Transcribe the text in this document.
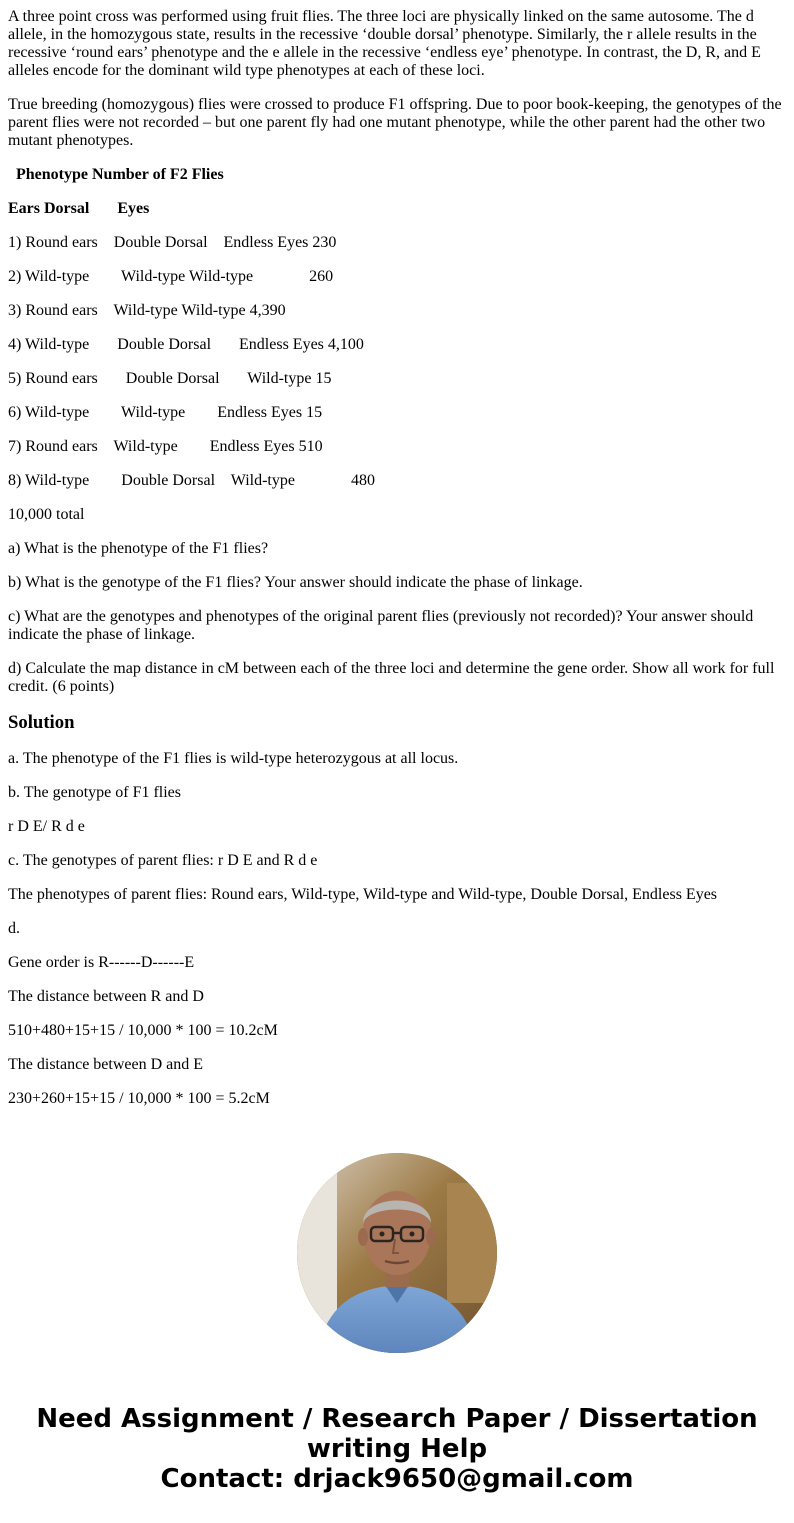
A three point cross was performed using fruit flies. The three loci are physically linked on the same autosome. The d allele, in the homozygous state, results in the recessive ‘double dorsal’ phenotype. Similarly, the r allele results in the recessive ‘round ears’ phenotype and the e allele in the recessive ‘endless eye’ phenotype. In contrast, the D, R, and E alleles encode for the dominant wild type phenotypes at each of these loci.

True breeding (homozygous) flies were crossed to produce F1 offspring. Due to poor book-keeping, the genotypes of the parent flies were not recorded – but one parent fly had one mutant phenotype, while the other parent had the other two mutant phenotypes.

Phenotype Number of F2 Flies

Ears Dorsal       Eyes

1) Round ears    Double Dorsal    Endless Eyes 230

2) Wild-type        Wild-type Wild-type              260

3) Round ears    Wild-type Wild-type 4,390

4) Wild-type       Double Dorsal       Endless Eyes 4,100

5) Round ears       Double Dorsal       Wild-type 15

6) Wild-type        Wild-type        Endless Eyes 15

7) Round ears    Wild-type        Endless Eyes 510

8) Wild-type        Double Dorsal    Wild-type              480

10,000 total

a) What is the phenotype of the F1 flies?

b) What is the genotype of the F1 flies? Your answer should indicate the phase of linkage.

c) What are the genotypes and phenotypes of the original parent flies (previously not recorded)? Your answer should indicate the phase of linkage.

d) Calculate the map distance in cM between each of the three loci and determine the gene order. Show all work for full credit. (6 points)

Solution

a. The phenotype of the F1 flies is wild-type heterozygous at all locus.

b. The genotype of F1 flies

r D E/ R d e

c. The genotypes of parent flies: r D E and R d e

The phenotypes of parent flies: Round ears, Wild-type, Wild-type and Wild-type, Double Dorsal, Endless Eyes

d.

Gene order is R------D------E

The distance between R and D

510+480+15+15 / 10,000 * 100 = 10.2cM

The distance between D and E

230+260+15+15 / 10,000 * 100 = 5.2cM

Need Assignment / Research Paper / Dissertation
writing Help
Contact: drjack9650@gmail.com
